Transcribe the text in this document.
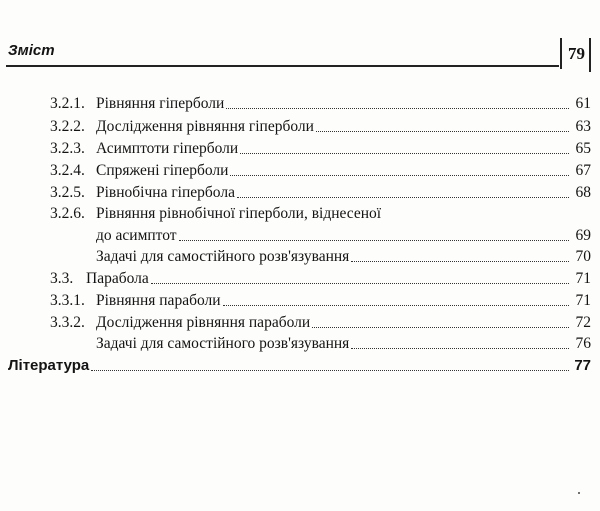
Зміст	79
3.2.1. Рівняння гіперболи	61
3.2.2. Дослідження рівняння гіперболи	63
3.2.3. Асимптоти гіперболи	65
3.2.4. Спряжені гіперболи	67
3.2.5. Рівнобічна гіпербола	68
3.2.6. Рівняння рівнобічної гіперболи, віднесеної
до асимптот	69
Задачі для самостійного розв'язування	70
3.3. Парабола	71
3.3.1. Рівняння параболи	71
3.3.2. Дослідження рівняння параболи	72
Задачі для самостійного розв'язування	76
Література	77
